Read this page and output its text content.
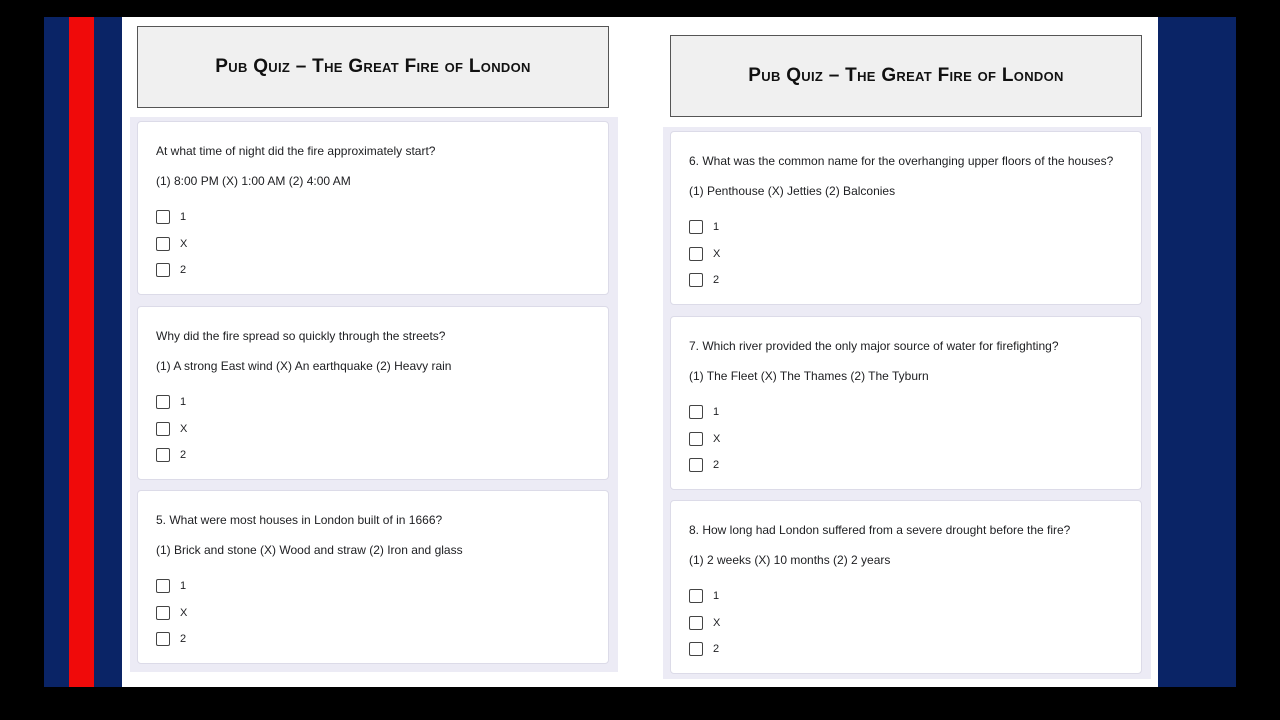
Pub Quiz – The Great Fire of London
At what time of night did the fire approximately start?
(1) 8:00 PM (X) 1:00 AM (2) 4:00 AM
1
X
2
Why did the fire spread so quickly through the streets?
(1) A strong East wind (X) An earthquake (2) Heavy rain
1
X
2
5. What were most houses in London built of in 1666?
(1) Brick and stone (X) Wood and straw (2) Iron and glass
1
X
2
Pub Quiz – The Great Fire of London
6. What was the common name for the overhanging upper floors of the houses?
(1) Penthouse (X) Jetties (2) Balconies
1
X
2
7. Which river provided the only major source of water for firefighting?
(1) The Fleet (X) The Thames (2) The Tyburn
1
X
2
8. How long had London suffered from a severe drought before the fire?
(1) 2 weeks (X) 10 months (2) 2 years
1
X
2
